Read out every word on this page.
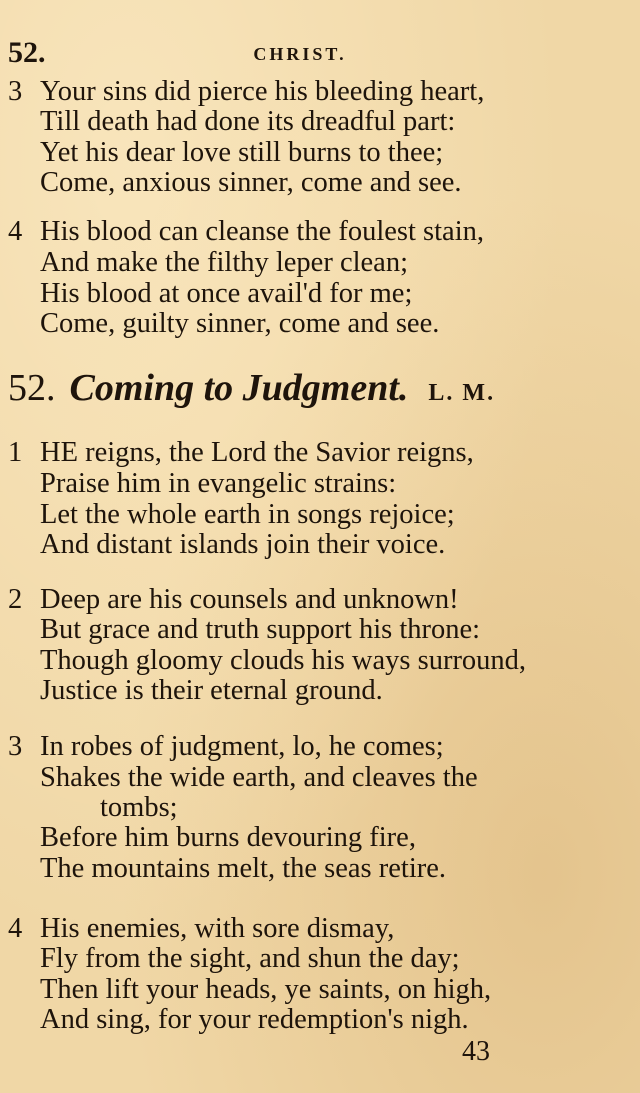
52.	CHRIST.
3 Your sins did pierce his bleeding heart,
Till death had done its dreadful part:
Yet his dear love still burns to thee;
Come, anxious sinner, come and see.
4 His blood can cleanse the foulest stain,
And make the filthy leper clean;
His blood at once avail'd for me;
Come, guilty sinner, come and see.
52. Coming to Judgment. L. M.
1 HE reigns, the Lord the Savior reigns,
Praise him in evangelic strains:
Let the whole earth in songs rejoice;
And distant islands join their voice.
2 Deep are his counsels and unknown!
But grace and truth support his throne:
Though gloomy clouds his ways surround,
Justice is their eternal ground.
3 In robes of judgment, lo, he comes;
Shakes the wide earth, and cleaves the
tombs;
Before him burns devouring fire,
The mountains melt, the seas retire.
4 His enemies, with sore dismay,
Fly from the sight, and shun the day;
Then lift your heads, ye saints, on high,
And sing, for your redemption's nigh.
43
